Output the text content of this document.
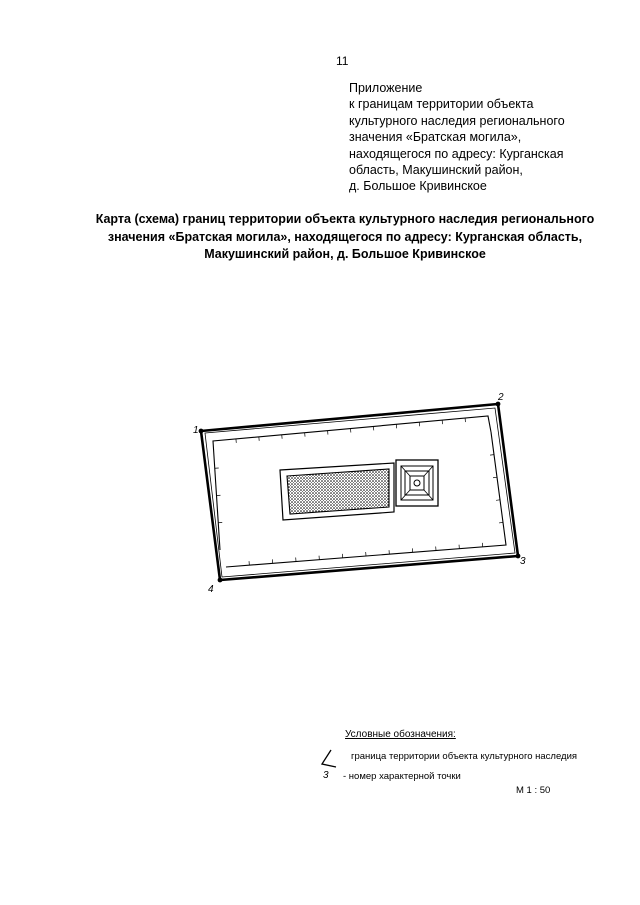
11
Приложение
к границам территории объекта
культурного наследия регионального
значения «Братская могила»,
находящегося по адресу: Курганская
область, Макушинский район,
д. Большое Кривинское
Карта (схема) границ территории объекта культурного наследия регионального
значения «Братская могила», находящегося по адресу: Курганская область,
Макушинский район, д. Большое Кривинское
1
2
3
4
Условные обозначения:
граница территории объекта культурного наследия
3 - номер характерной точки
М 1 : 50
